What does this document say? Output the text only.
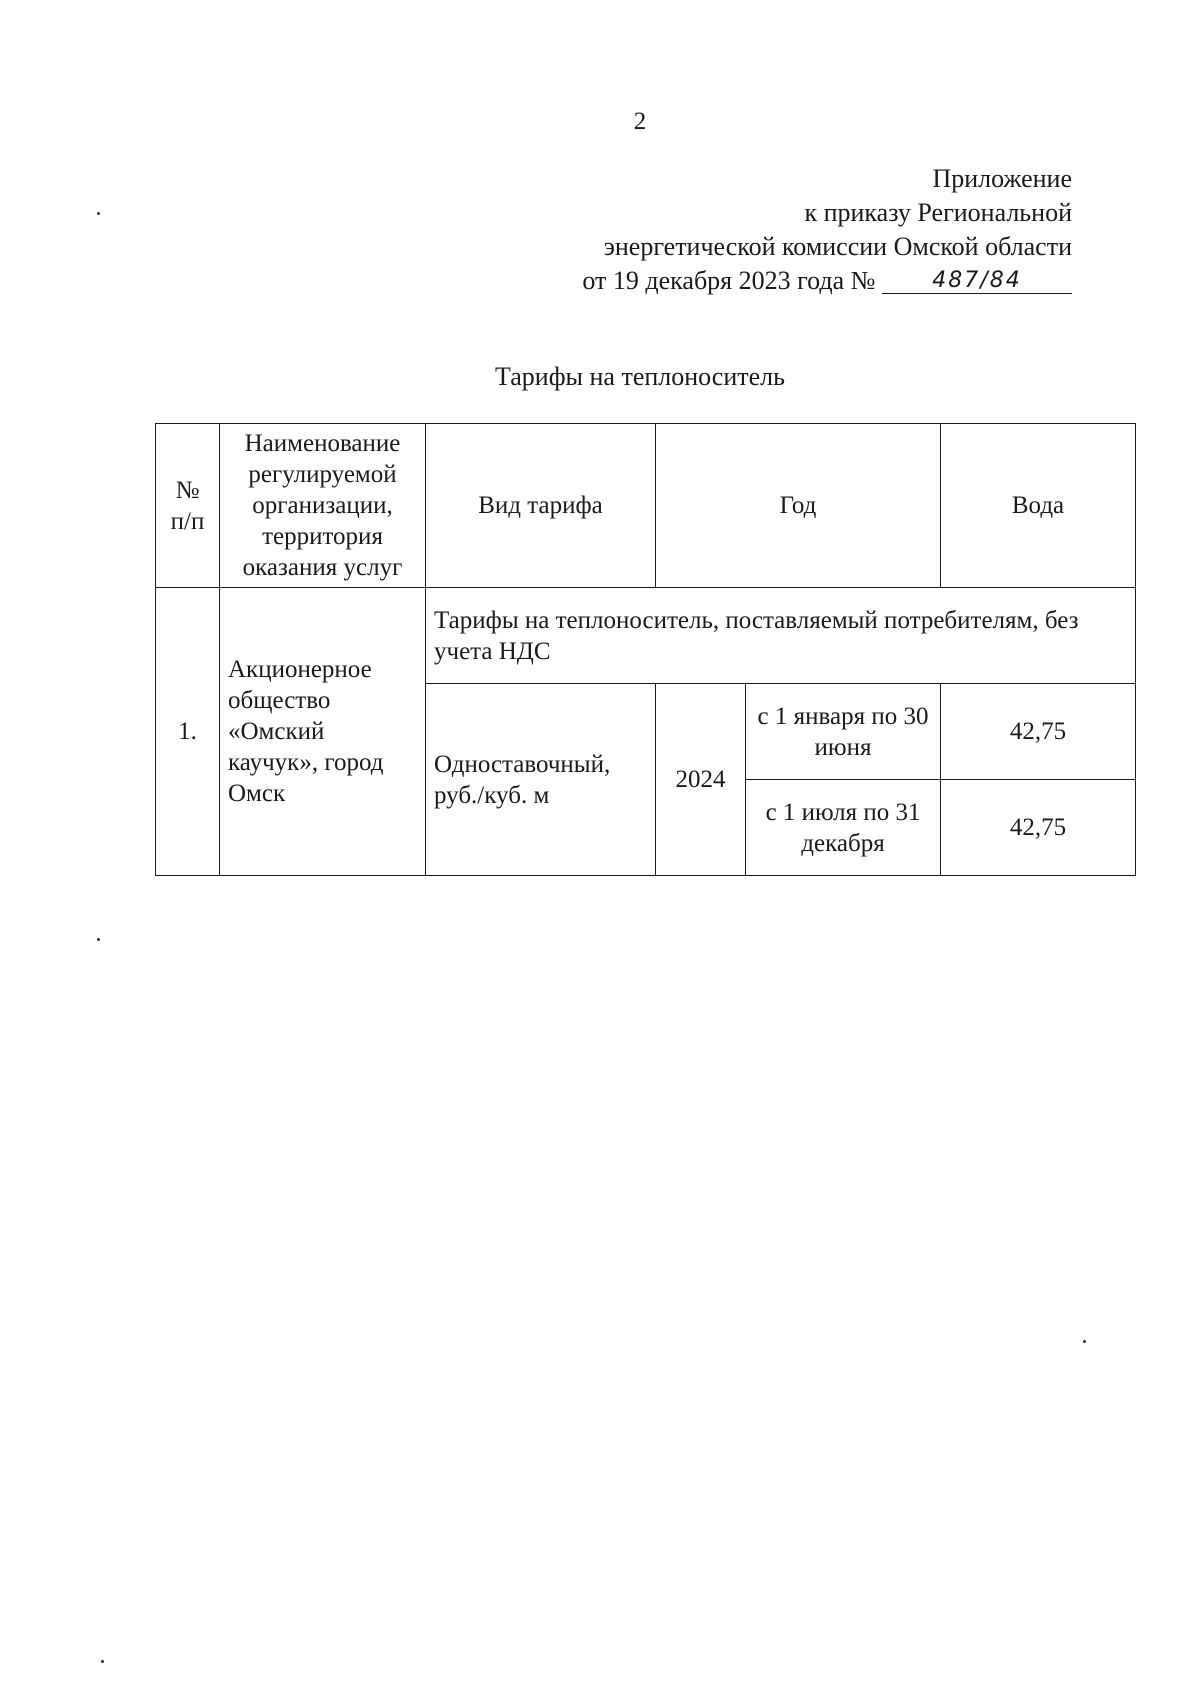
2
Приложение
к приказу Региональной
энергетической комиссии Омской области
от 19 декабря 2023 года №	487/84
Тарифы на теплоноситель
№ п/п	Наименование регулируемой организации, территория оказания услуг	Вид тарифа	Год		Вода
1.	Акционерное общество «Омский каучук», город Омск	Тарифы на теплоноситель, поставляемый потребителям, без учета НДС			
		Одноставочный, руб./куб. м	2024	с 1 января по 30 июня	42,75
				с 1 июля по 31 декабря	42,75
